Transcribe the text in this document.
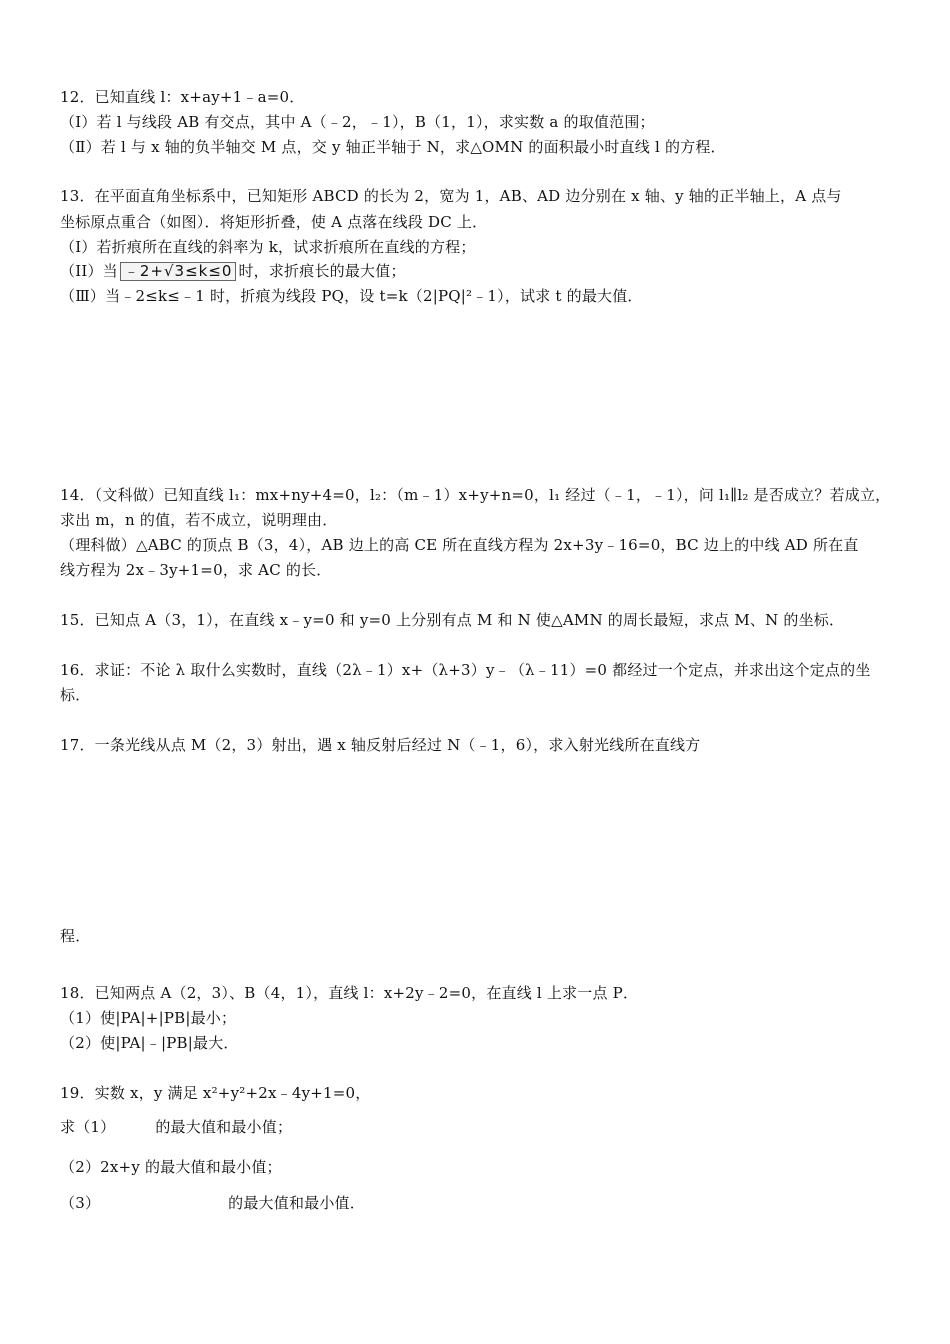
12．已知直线 l：x+ay+1﹣a=0．
（Ⅰ）若 l 与线段 AB 有交点，其中 A（﹣2，﹣1），B（1，1），求实数 a 的取值范围；
（Ⅱ）若 l 与 x 轴的负半轴交 M 点，交 y 轴正半轴于 N，求△OMN 的面积最小时直线 l 的方程．
13．在平面直角坐标系中，已知矩形 ABCD 的长为 2，宽为 1，AB、AD 边分别在 x 轴、y 轴的正半轴上，A 点与
坐标原点重合（如图）．将矩形折叠，使 A 点落在线段 DC 上．
（I）若折痕所在直线的斜率为 k，试求折痕所在直线的方程；
（II）当 ﹣2+√3≤k≤0 时，求折痕长的最大值；
（Ⅲ）当﹣2≤k≤﹣1 时，折痕为线段 PQ，设 t=k（2|PQ|²﹣1），试求 t 的最大值．
14．（文科做）已知直线 l₁：mx+ny+4=0，l₂：（m﹣1）x+y+n=0，l₁ 经过（﹣1，﹣1），问 l₁∥l₂ 是否成立？若成立，
求出 m，n 的值，若不成立，说明理由．
（理科做）△ABC 的顶点 B（3，4），AB 边上的高 CE 所在直线方程为 2x+3y﹣16=0，BC 边上的中线 AD 所在直
线方程为 2x﹣3y+1=0，求 AC 的长．
15．已知点 A（3，1），在直线 x﹣y=0 和 y=0 上分别有点 M 和 N 使△AMN 的周长最短，求点 M、N 的坐标．
16．求证：不论 λ 取什么实数时，直线（2λ﹣1）x+（λ+3）y﹣（λ﹣11）=0 都经过一个定点，并求出这个定点的坐
标．
17．一条光线从点 M（2，3）射出，遇 x 轴反射后经过 N（﹣1，6），求入射光线所在直线方
程．
18．已知两点 A（2，3）、B（4，1），直线 l：x+2y﹣2=0，在直线 l 上求一点 P．
（1）使|PA|+|PB|最小；
（2）使|PA|﹣|PB|最大．
19．实数 x，y 满足 x²+y²+2x﹣4y+1=0，
求（1）	的最大值和最小值；
（2）2x+y 的最大值和最小值；
（3）	的最大值和最小值．
